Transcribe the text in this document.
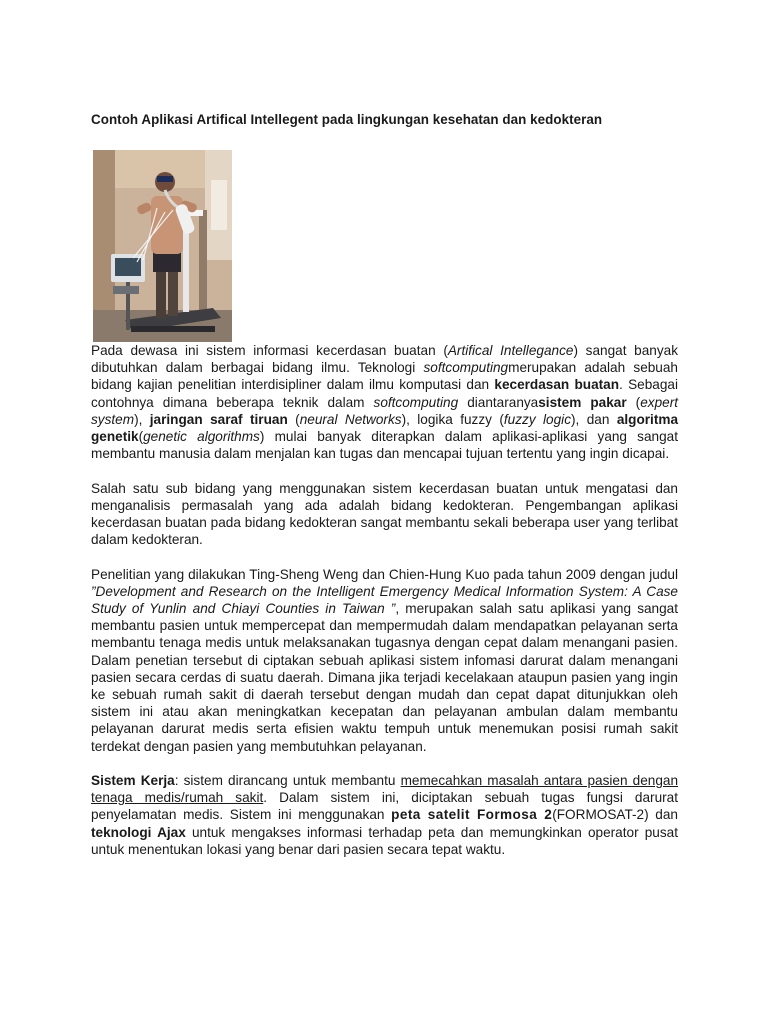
Contoh Aplikasi Artifical Intellegent pada lingkungan kesehatan dan kedokteran

Pada dewasa ini sistem informasi kecerdasan buatan (Artifical Intellegance) sangat banyak dibutuhkan dalam berbagai bidang ilmu. Teknologi softcomputingmerupakan adalah sebuah bidang kajian penelitian interdisipliner dalam ilmu komputasi dan kecerdasan buatan. Sebagai contohnya dimana beberapa teknik dalam softcomputing diantaranyasistem pakar (expert system), jaringan saraf tiruan (neural Networks), logika fuzzy (fuzzy logic), dan algoritma genetik(genetic algorithms) mulai banyak diterapkan dalam aplikasi-aplikasi yang sangat membantu manusia dalam menjalan kan tugas dan mencapai tujuan tertentu yang ingin dicapai.

Salah satu sub bidang yang menggunakan sistem kecerdasan buatan untuk mengatasi dan menganalisis permasalah yang ada adalah bidang kedokteran. Pengembangan aplikasi kecerdasan buatan pada bidang kedokteran sangat membantu sekali beberapa user yang terlibat dalam kedokteran.

Penelitian yang dilakukan Ting-Sheng Weng dan Chien-Hung Kuo pada tahun 2009 dengan judul ”Development and Research on the Intelligent Emergency Medical Information System: A Case Study of Yunlin and Chiayi Counties in Taiwan ”, merupakan salah satu aplikasi yang sangat membantu pasien untuk mempercepat dan mempermudah dalam mendapatkan pelayanan serta membantu tenaga medis untuk melaksanakan tugasnya dengan cepat dalam menangani pasien. Dalam penetian tersebut di ciptakan sebuah aplikasi sistem infomasi darurat dalam menangani pasien secara cerdas di suatu daerah. Dimana jika terjadi kecelakaan ataupun pasien yang ingin ke sebuah rumah sakit di daerah tersebut dengan mudah dan cepat dapat ditunjukkan oleh sistem ini atau akan meningkatkan kecepatan dan pelayanan ambulan dalam membantu pelayanan darurat medis serta efisien waktu tempuh untuk menemukan posisi rumah sakit terdekat dengan pasien yang membutuhkan pelayanan.

Sistem Kerja: sistem dirancang untuk membantu memecahkan masalah antara pasien dengan tenaga medis/rumah sakit. Dalam sistem ini, diciptakan sebuah tugas fungsi darurat penyelamatan medis. Sistem ini menggunakan peta satelit Formosa 2(FORMOSAT-2) dan teknologi Ajax untuk mengakses informasi terhadap peta dan memungkinkan operator pusat untuk menentukan lokasi yang benar dari pasien secara tepat waktu.
